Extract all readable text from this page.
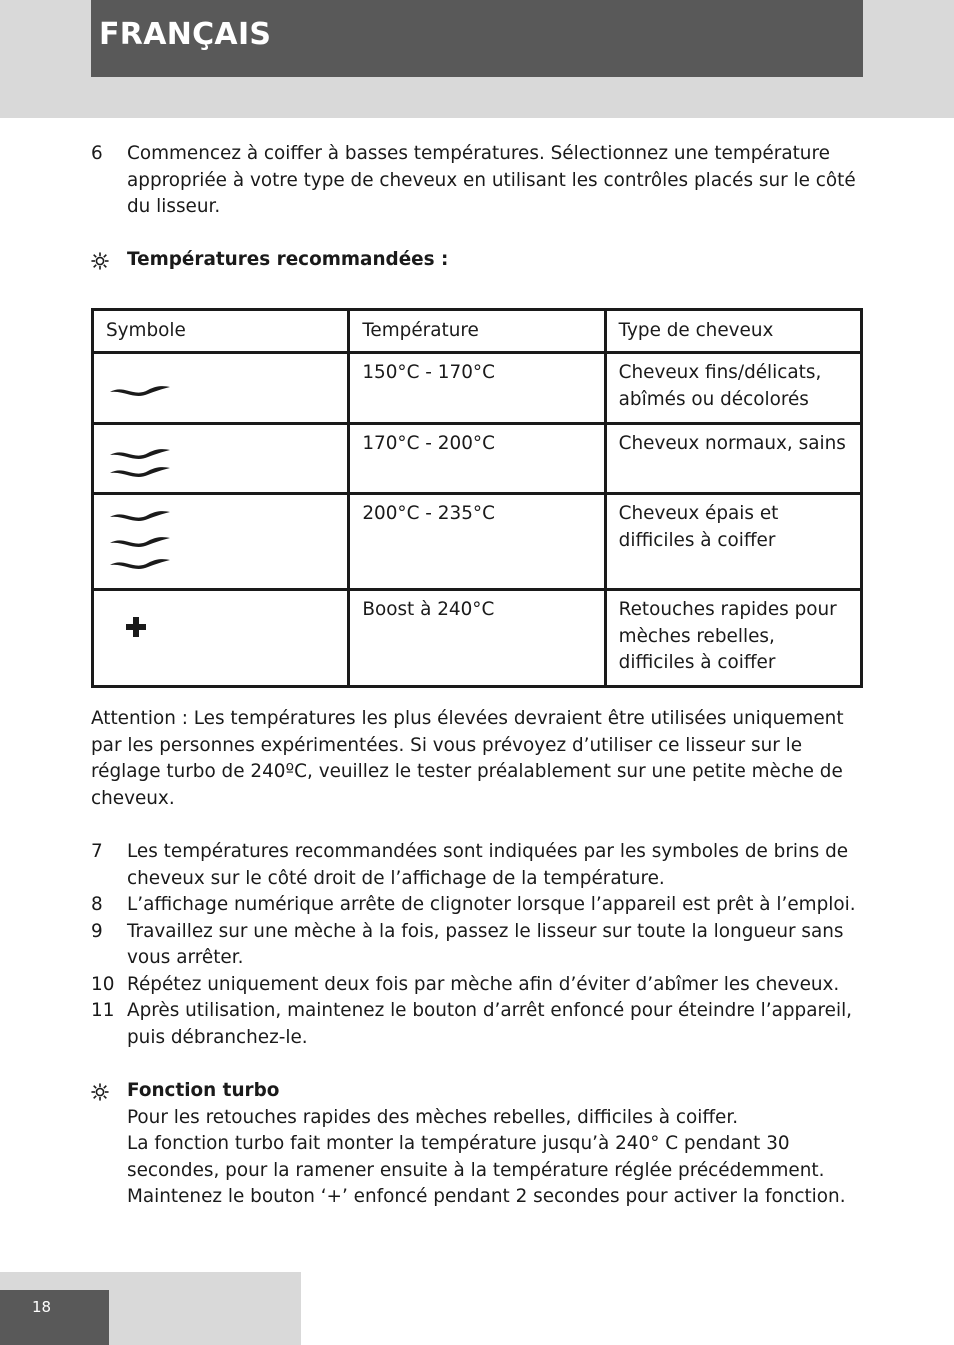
FRANÇAIS
6 Commencez à coiffer à basses températures. Sélectionnez une température appropriée à votre type de cheveux en utilisant les contrôles placés sur le côté du lisseur.
Températures recommandées :
Symbole	Température	Type de cheveux

	150°C - 170°C	Cheveux fins/délicats, abîmés ou décolorés

	170°C - 200°C	Cheveux normaux, sains

	200°C - 235°C	Cheveux épais et difficiles à coiffer

	Boost à 240°C	Retouches rapides pour mèches rebelles, difficiles à coiffer
Attention : Les températures les plus élevées devraient être utilisées uniquement par les personnes expérimentées. Si vous prévoyez d’utiliser ce lisseur sur le réglage turbo de 240ºC, veuillez le tester préalablement sur une petite mèche de cheveux.
7 Les températures recommandées sont indiquées par les symboles de brins de cheveux sur le côté droit de l’affichage de la température.
8 L’affichage numérique arrête de clignoter lorsque l’appareil est prêt à l’emploi.
9 Travaillez sur une mèche à la fois, passez le lisseur sur toute la longueur sans vous arrêter.
10 Répétez uniquement deux fois par mèche afin d’éviter d’abîmer les cheveux.
11 Après utilisation, maintenez le bouton d’arrêt enfoncé pour éteindre l’appareil, puis débranchez-le.
Fonction turbo
Pour les retouches rapides des mèches rebelles, difficiles à coiffer.
La fonction turbo fait monter la température jusqu’à 240° C pendant 30 secondes, pour la ramener ensuite à la température réglée précédemment.
Maintenez le bouton ‘+’ enfoncé pendant 2 secondes pour activer la fonction.
18
